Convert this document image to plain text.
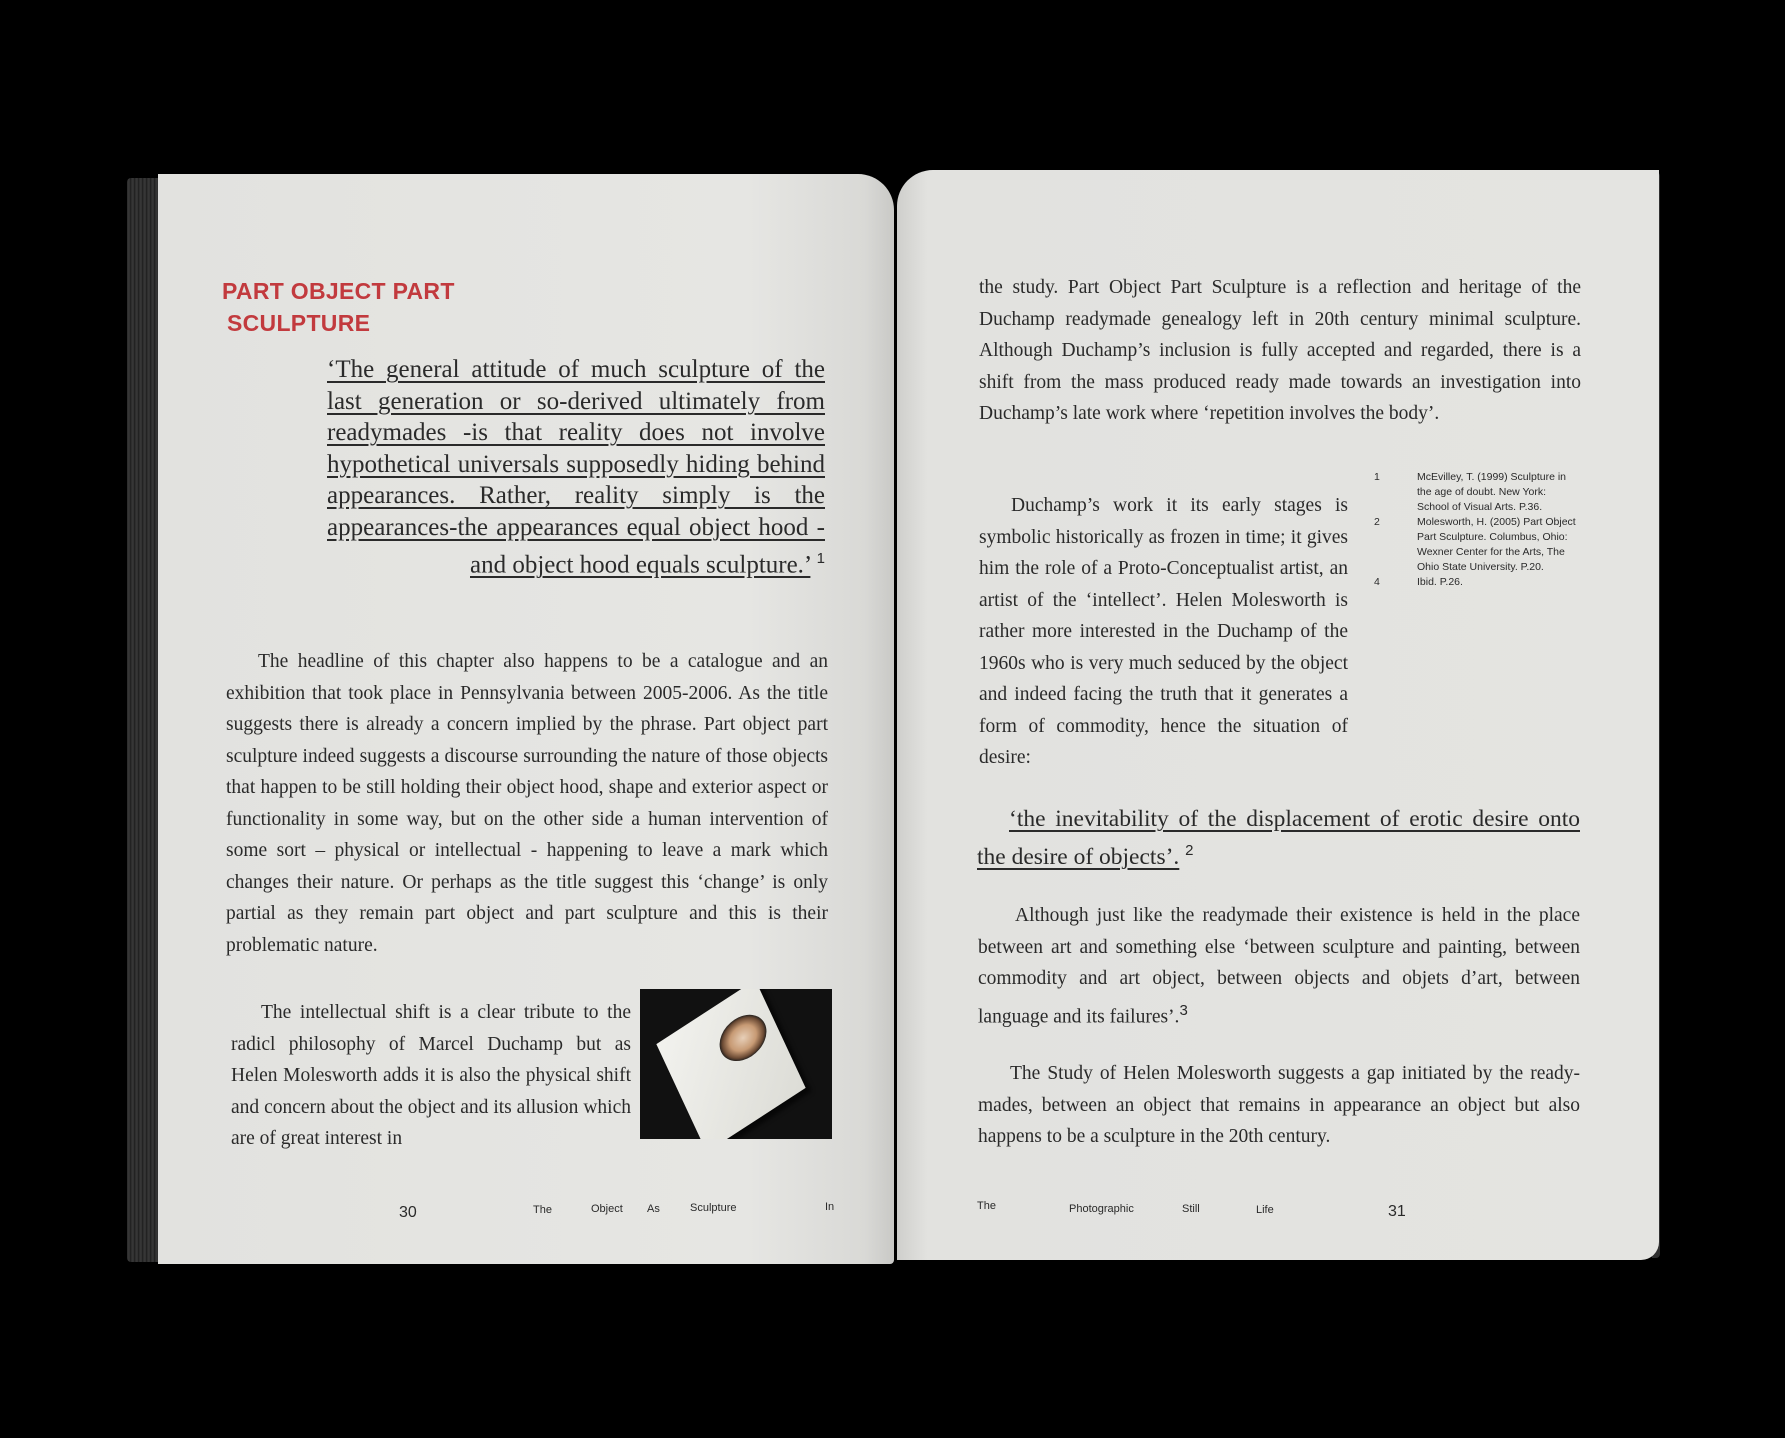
PART OBJECT PART
SCULPTURE
‘The general attitude of much sculpture of the last generation or so-derived ultimately from readymades -is that reality does not involve hypothetical universals supposedly hiding behind appearances. Rather, reality simply is the appearances-the appearances equal object hood -and object hood equals sculpture.’ $^1$
The headline of this chapter also happens to be a catalogue and an exhibition that took place in Pennsylvania between 2005-2006. As the title suggests there is already a concern implied by the phrase. Part object part sculpture indeed suggests a discourse surrounding the nature of those objects that happen to be still holding their object hood, shape and exterior aspect or functionality in some way, but on the other side a human intervention of some sort – physical or intellectual - happening to leave a mark which changes their nature. Or perhaps as the title suggest this ‘change’ is only partial as they remain part object and part sculpture and this is their problematic nature.
The intellectual shift is a clear tribute to the radicl philosophy of Marcel Duchamp but as Helen Molesworth adds it is also the physical shift and concern about the object and its allusion which are of great interest in
30	The	Object As	Sculpture	In
the study. Part Object Part Sculpture is a reflection and heritage of the Duchamp readymade genealogy left in 20th century minimal sculpture. Although Duchamp’s inclusion is fully accepted and regarded, there is a shift from the mass produced ready made towards an investigation into Duchamp’s late work where ‘repetition involves the body’.
Duchamp’s work it its early stages is symbolic historically as frozen in time; it gives him the role of a Proto-Conceptualist artist, an artist of the ‘intellect’. Helen Molesworth is rather more interested in the Duchamp of the 1960s who is very much seduced by the object and indeed facing the truth that it generates a form of commodity, hence the situation of desire:
1	McEvilley, T. (1999) Sculpture in the age of doubt. New York: School of Visual Arts. P.36.
2	Molesworth, H. (2005) Part Object Part Sculpture. Columbus, Ohio: Wexner Center for the Arts, The Ohio State University. P.20.
4	Ibid. P.26.
‘the inevitability of the displacement of erotic desire onto the desire of objects’. $^2$
Although just like the readymade their existence is held in the place between art and something else ‘between sculpture and painting, between commodity and art object, between objects and objets d’art, between language and its failures’.$^3$
The Study of Helen Molesworth suggests a gap initiated by the ready-mades, between an object that remains in appearance an object but also happens to be a sculpture in the 20th century.
The	Photographic	Still	Life	31
